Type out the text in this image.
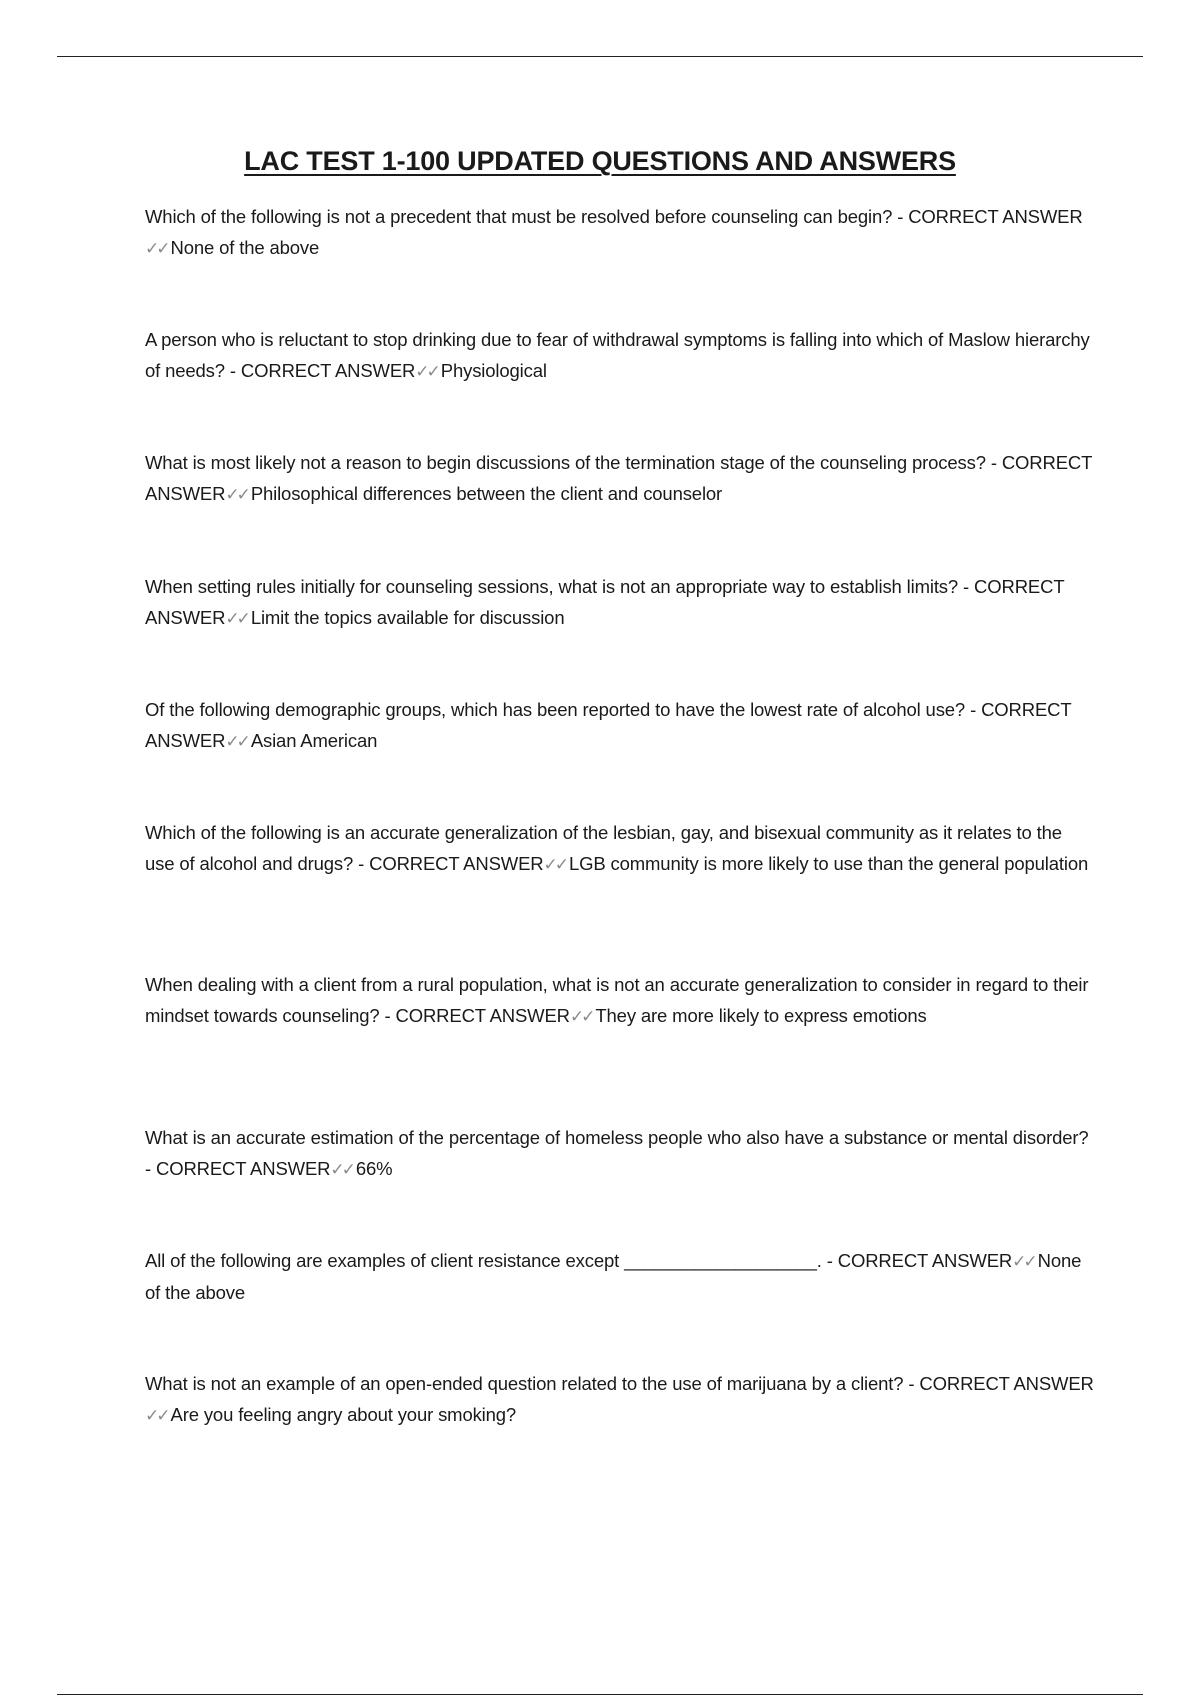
LAC TEST 1-100 UPDATED QUESTIONS AND ANSWERS

Which of the following is not a precedent that must be resolved before counseling can begin? - CORRECT ANSWER✓✓ None of the above

A person who is reluctant to stop drinking due to fear of withdrawal symptoms is falling into which of Maslow hierarchy of needs? - CORRECT ANSWER✓✓ Physiological

What is most likely not a reason to begin discussions of the termination stage of the counseling process? - CORRECT ANSWER✓✓ Philosophical differences between the client and counselor

When setting rules initially for counseling sessions, what is not an appropriate way to establish limits? - CORRECT ANSWER✓✓ Limit the topics available for discussion

Of the following demographic groups, which has been reported to have the lowest rate of alcohol use? - CORRECT ANSWER✓✓ Asian American

Which of the following is an accurate generalization of the lesbian, gay, and bisexual community as it relates to the use of alcohol and drugs? - CORRECT ANSWER✓✓ LGB community is more likely to use than the general population

When dealing with a client from a rural population, what is not an accurate generalization to consider in regard to their mindset towards counseling? - CORRECT ANSWER✓✓ They are more likely to express emotions

What is an accurate estimation of the percentage of homeless people who also have a substance or mental disorder? - CORRECT ANSWER✓✓ 66%

All of the following are examples of client resistance except ___________________. - CORRECT ANSWER✓✓ None of the above

What is not an example of an open-ended question related to the use of marijuana by a client? - CORRECT ANSWER✓✓ Are you feeling angry about your smoking?
